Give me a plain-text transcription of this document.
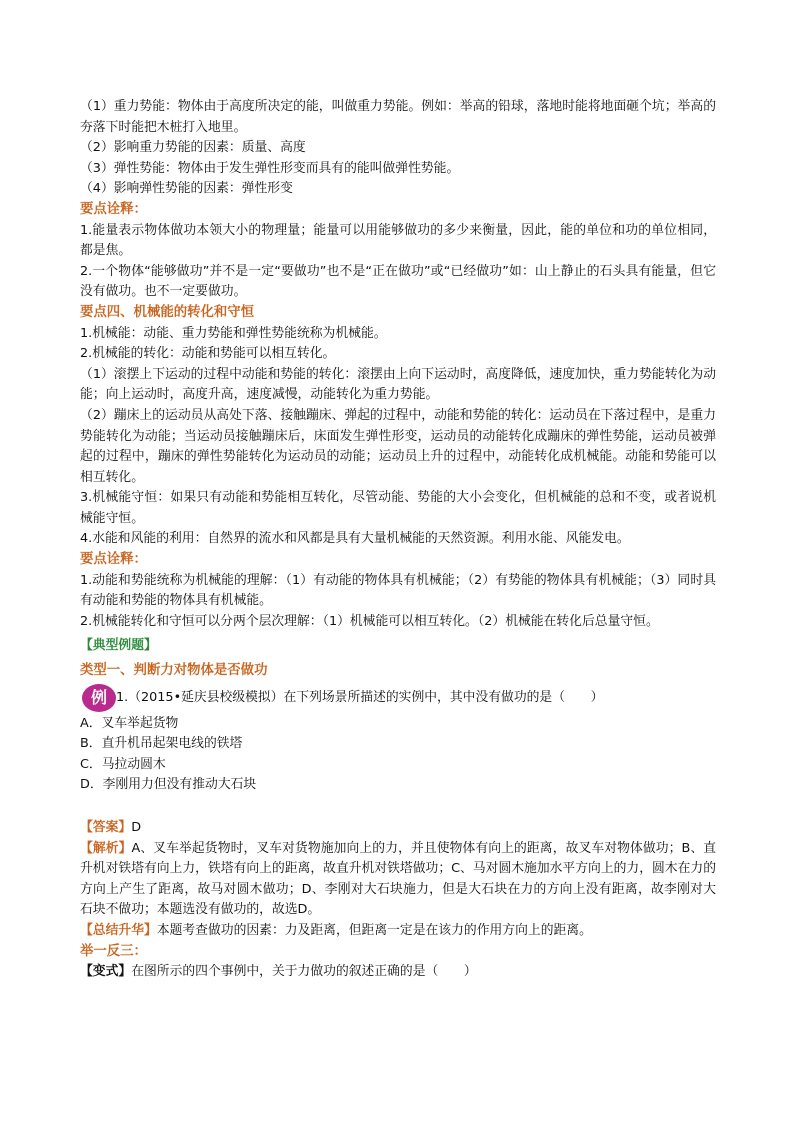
（1）重力势能：物体由于高度所决定的能，叫做重力势能。例如：举高的铅球，落地时能将地面砸个坑；举高的夯落下时能把木桩打入地里。

（2）影响重力势能的因素：质量、高度

（3）弹性势能：物体由于发生弹性形变而具有的能叫做弹性势能。

（4）影响弹性势能的因素：弹性形变

要点诠释：

1.能量表示物体做功本领大小的物理量；能量可以用能够做功的多少来衡量，因此，能的单位和功的单位相同，都是焦。

2.一个物体“能够做功”并不是一定“要做功”也不是“正在做功”或“已经做功”如：山上静止的石头具有能量，但它没有做功。也不一定要做功。

要点四、机械能的转化和守恒

1.机械能：动能、重力势能和弹性势能统称为机械能。

2.机械能的转化：动能和势能可以相互转化。

（1）滚摆上下运动的过程中动能和势能的转化：滚摆由上向下运动时，高度降低，速度加快，重力势能转化为动能；向上运动时，高度升高，速度减慢，动能转化为重力势能。

（2）蹦床上的运动员从高处下落、接触蹦床、弹起的过程中，动能和势能的转化：运动员在下落过程中，是重力势能转化为动能；当运动员接触蹦床后，床面发生弹性形变，运动员的动能转化成蹦床的弹性势能，运动员被弹起的过程中，蹦床的弹性势能转化为运动员的动能；运动员上升的过程中，动能转化成机械能。动能和势能可以相互转化。

3.机械能守恒：如果只有动能和势能相互转化，尽管动能、势能的大小会变化，但机械能的总和不变，或者说机械能守恒。

4.水能和风能的利用：自然界的流水和风都是具有大量机械能的天然资源。利用水能、风能发电。

要点诠释：

1.动能和势能统称为机械能的理解：（1）有动能的物体具有机械能；（2）有势能的物体具有机械能；（3）同时具有动能和势能的物体具有机械能。

2.机械能转化和守恒可以分两个层次理解：（1）机械能可以相互转化。（2）机械能在转化后总量守恒。

【典型例题】

类型一、判断力对物体是否做功

例 1.（2015•延庆县校级模拟）在下列场景所描述的实例中，其中没有做功的是（　　）

A．叉车举起货物

B．直升机吊起架电线的铁塔

C．马拉动圆木

D．李刚用力但没有推动大石块

【答案】D

【解析】A、叉车举起货物时，叉车对货物施加向上的力，并且使物体有向上的距离，故叉车对物体做功；B、直升机对铁塔有向上力，铁塔有向上的距离，故直升机对铁塔做功；C、马对圆木施加水平方向上的力，圆木在力的方向上产生了距离，故马对圆木做功；D、李刚对大石块施力，但是大石块在力的方向上没有距离，故李刚对大石块不做功；本题选没有做功的，故选D。

【总结升华】本题考查做功的因素：力及距离，但距离一定是在该力的作用方向上的距离。

举一反三：

【变式】在图所示的四个事例中，关于力做功的叙述正确的是（　　）
